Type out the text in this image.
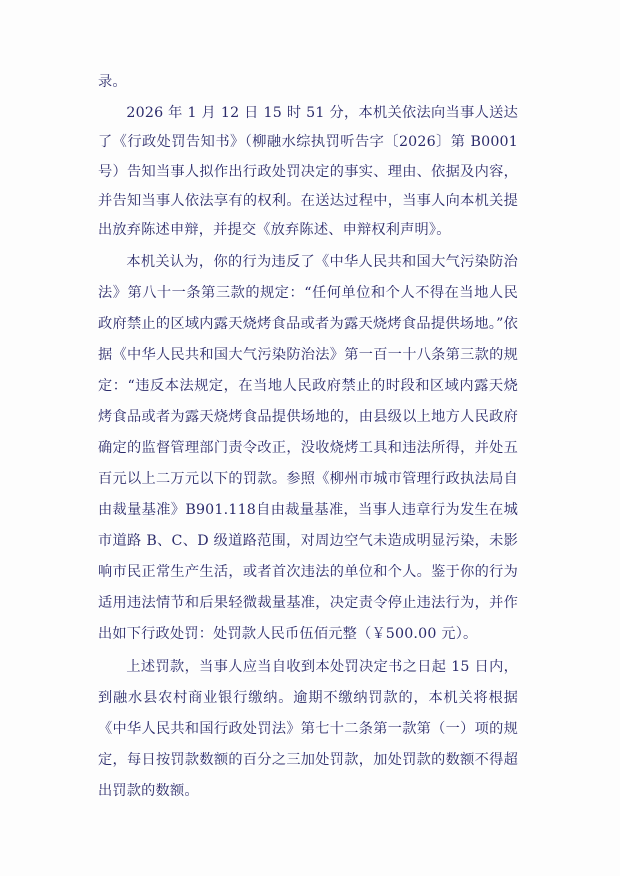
录。

2026 年 1 月 12 日 15 时 51 分，本机关依法向当事人送达了《行政处罚告知书》（柳融水综执罚听告字〔2026〕第 B0001 号）告知当事人拟作出行政处罚决定的事实、理由、依据及内容，并告知当事人依法享有的权利。在送达过程中，当事人向本机关提出放弃陈述申辩，并提交《放弃陈述、申辩权利声明》。

本机关认为，你的行为违反了《中华人民共和国大气污染防治法》第八十一条第三款的规定：“任何单位和个人不得在当地人民政府禁止的区域内露天烧烤食品或者为露天烧烤食品提供场地。”依据《中华人民共和国大气污染防治法》第一百一十八条第三款的规定：“违反本法规定，在当地人民政府禁止的时段和区域内露天烧烤食品或者为露天烧烤食品提供场地的，由县级以上地方人民政府确定的监督管理部门责令改正，没收烧烤工具和违法所得，并处五百元以上二万元以下的罚款。参照《柳州市城市管理行政执法局自由裁量基准》B901.118自由裁量基准，当事人违章行为发生在城市道路 B、C、D 级道路范围，对周边空气未造成明显污染，未影响市民正常生产生活，或者首次违法的单位和个人。鉴于你的行为适用违法情节和后果轻微裁量基准，决定责令停止违法行为，并作出如下行政处罚：处罚款人民币伍佰元整（￥500.00 元）。

上述罚款，当事人应当自收到本处罚决定书之日起 15 日内，到融水县农村商业银行缴纳。逾期不缴纳罚款的，本机关将根据《中华人民共和国行政处罚法》第七十二条第一款第（一）项的规定，每日按罚款数额的百分之三加处罚款，加处罚款的数额不得超出罚款的数额。
